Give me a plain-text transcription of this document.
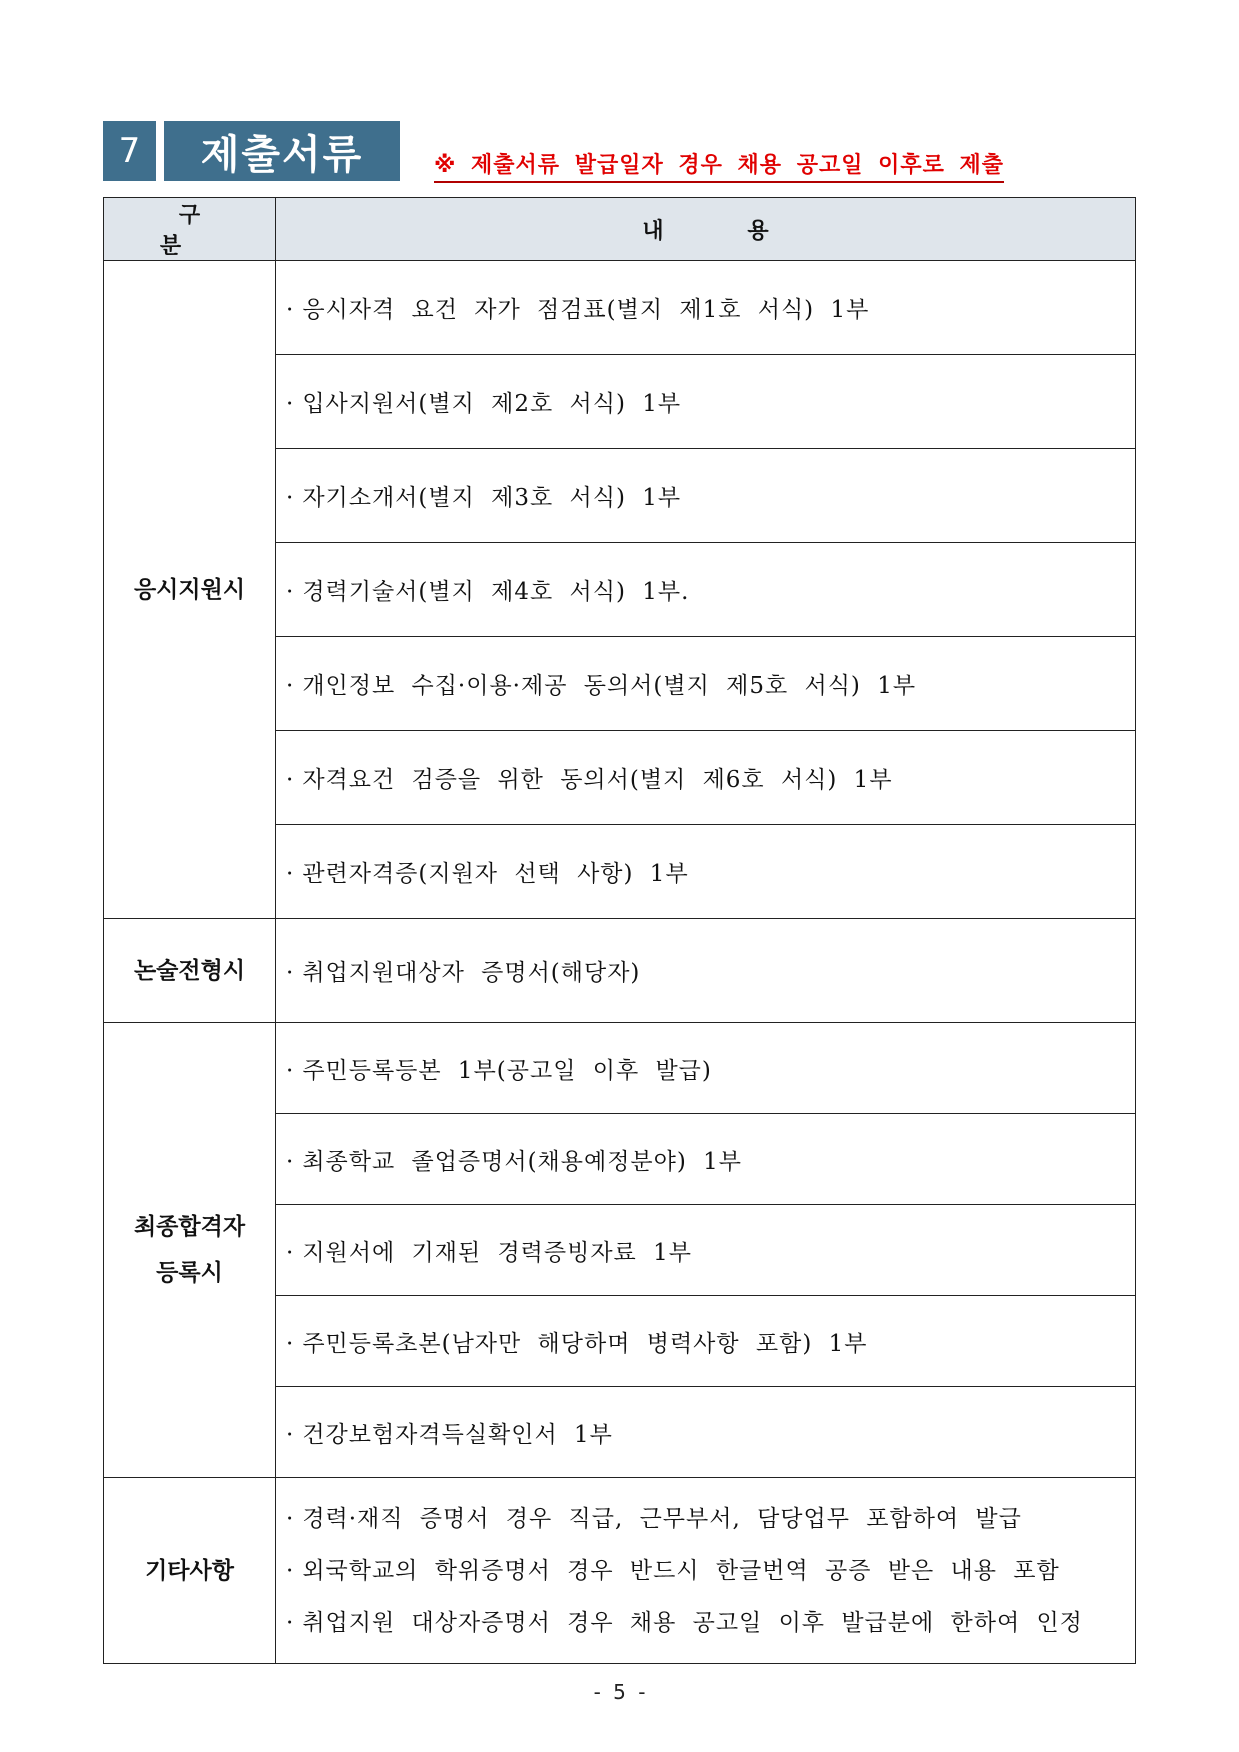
7	제출서류	※ 제출서류 발급일자 경우 채용 공고일 이후로 제출
구 분	내 용
응시지원시	· 응시자격 요건 자가 점검표(별지 제1호 서식) 1부
	· 입사지원서(별지 제2호 서식) 1부
	· 자기소개서(별지 제3호 서식) 1부
	· 경력기술서(별지 제4호 서식) 1부.
	· 개인정보 수집·이용·제공 동의서(별지 제5호 서식) 1부
	· 자격요건 검증을 위한 동의서(별지 제6호 서식) 1부
	· 관련자격증(지원자 선택 사항) 1부
논술전형시	· 취업지원대상자 증명서(해당자)
최종합격자
등록시	· 주민등록등본 1부(공고일 이후 발급)
	· 최종학교 졸업증명서(채용예정분야) 1부
	· 지원서에 기재된 경력증빙자료 1부
	· 주민등록초본(남자만 해당하며 병력사항 포함) 1부
	· 건강보험자격득실확인서 1부
기타사항	· 경력·재직 증명서 경우 직급, 근무부서, 담당업무 포함하여 발급
· 외국학교의 학위증명서 경우 반드시 한글번역 공증 받은 내용 포함
· 취업지원 대상자증명서 경우 채용 공고일 이후 발급분에 한하여 인정
- 5 -
